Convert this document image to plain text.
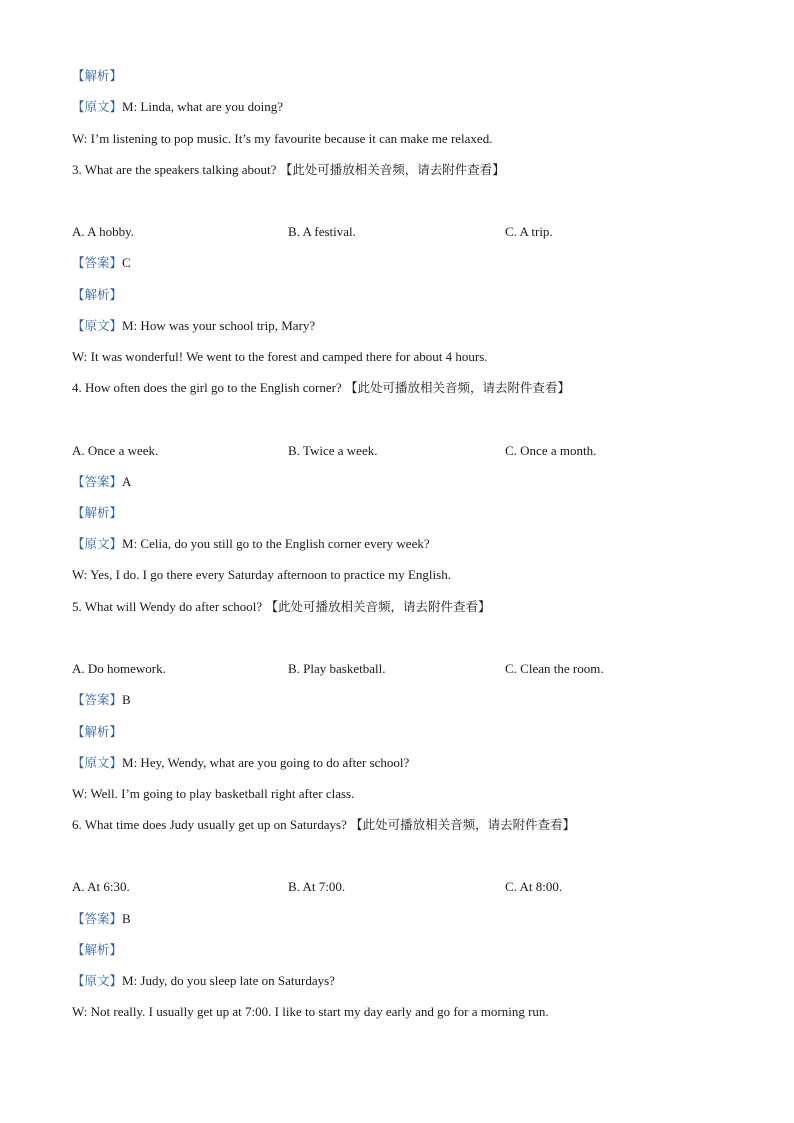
【解析】
【原文】M: Linda, what are you doing?
W: I’m listening to pop music. It’s my favourite because it can make me relaxed.
3. What are the speakers talking about? 【此处可播放相关音频，请去附件查看】
A. A hobby.	B. A festival.	C. A trip.
【答案】C
【解析】
【原文】M: How was your school trip, Mary?
W: It was wonderful! We went to the forest and camped there for about 4 hours.
4. How often does the girl go to the English corner? 【此处可播放相关音频，请去附件查看】
A. Once a week.	B. Twice a week.	C. Once a month.
【答案】A
【解析】
【原文】M: Celia, do you still go to the English corner every week?
W: Yes, I do. I go there every Saturday afternoon to practice my English.
5. What will Wendy do after school? 【此处可播放相关音频，请去附件查看】
A. Do homework.	B. Play basketball.	C. Clean the room.
【答案】B
【解析】
【原文】M: Hey, Wendy, what are you going to do after school?
W: Well. I’m going to play basketball right after class.
6. What time does Judy usually get up on Saturdays? 【此处可播放相关音频，请去附件查看】
A. At 6:30.	B. At 7:00.	C. At 8:00.
【答案】B
【解析】
【原文】M: Judy, do you sleep late on Saturdays?
W: Not really. I usually get up at 7:00. I like to start my day early and go for a morning run.
